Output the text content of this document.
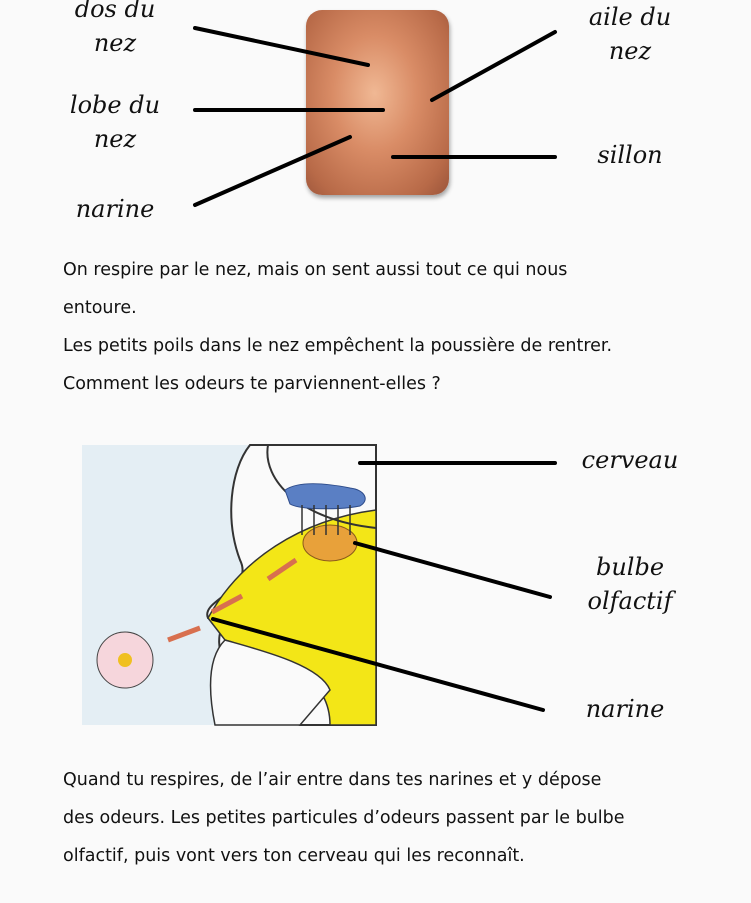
dos du
nez
lobe du
nez
narine
aile du
nez
sillon
On respire par le nez, mais on sent aussi tout ce qui nous
entoure.
Les petits poils dans le nez empêchent la poussière de rentrer.
Comment les odeurs te parviennent-elles ?
cerveau
bulbe
olfactif
narine
Quand tu respires, de l’air entre dans tes narines et y dépose
des odeurs. Les petites particules d’odeurs passent par le bulbe
olfactif, puis vont vers ton cerveau qui les reconnaît.
